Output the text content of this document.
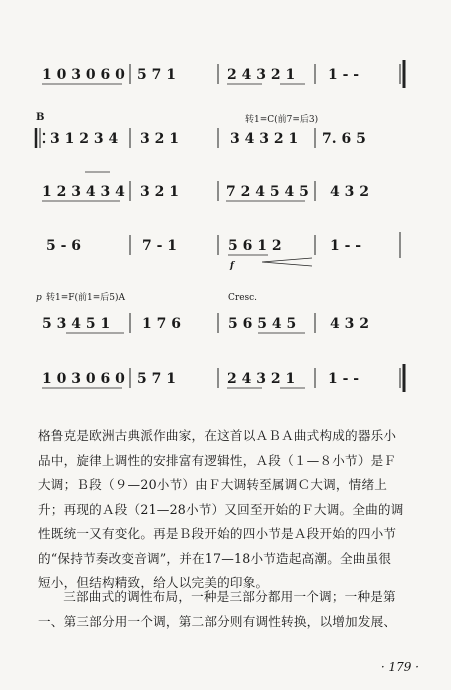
1 0 3 0 6 0 5 7 1	2 4 3 2 1 1 - -
B	转1=C(前7=后3)
3 1 2 3 4 3 2 1	3 4 3 2 1 7. 6 5
1 2 3 4 3 4 3 2 1	7 2 4 5 4 5 4 3 2
5 - 6	7 - 1	5 6 1 2	1 - -
f
p 转1=F(前1=后5)A	Cresc.
5 3 4 5 1 1 7 6	5 6 5 4 5 4 3 2
1 0 3 0 6 0 5 7 1	2 4 3 2 1 1 - -

格鲁克是欧洲古典派作曲家，在这首以ＡＢＡ曲式构成的器乐小

品中，旋律上调性的安排富有逻辑性，Ａ段（１—８小节）是Ｆ

大调；Ｂ段（９—20小节）由Ｆ大调转至属调Ｃ大调，情绪上

升；再现的Ａ段（21—28小节）又回至开始的Ｆ大调。全曲的调

性既统一又有变化。再是Ｂ段开始的四小节是Ａ段开始的四小节

的“保持节奏改变音调”，并在17—18小节造起高潮。全曲虽很

短小，但结构精致，给人以完美的印象。

三部曲式的调性布局，一种是三部分都用一个调；一种是第

一、第三部分用一个调，第二部分则有调性转换，以增加发展、

· 179 ·
